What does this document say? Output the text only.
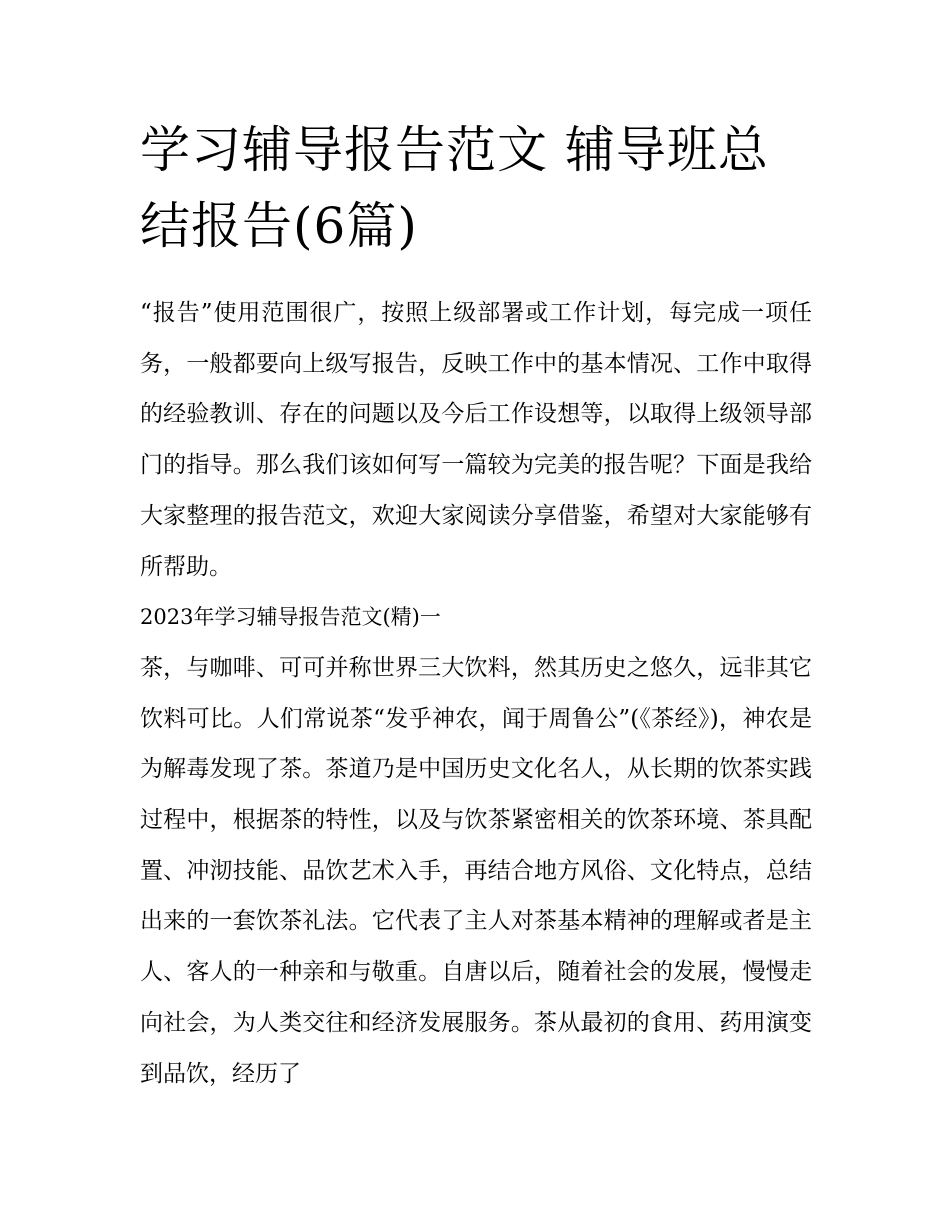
学习辅导报告范文 辅导班总结报告(6篇)

“报告”使用范围很广，按照上级部署或工作计划，每完成一项任务，一般都要向上级写报告，反映工作中的基本情况、工作中取得的经验教训、存在的问题以及今后工作设想等，以取得上级领导部门的指导。那么我们该如何写一篇较为完美的报告呢？下面是我给大家整理的报告范文，欢迎大家阅读分享借鉴，希望对大家能够有所帮助。

2023年学习辅导报告范文(精)一

茶，与咖啡、可可并称世界三大饮料，然其历史之悠久，远非其它饮料可比。人们常说茶“发乎神农，闻于周鲁公”(《茶经》)，神农是为解毒发现了茶。茶道乃是中国历史文化名人，从长期的饮茶实践过程中，根据茶的特性，以及与饮茶紧密相关的饮茶环境、茶具配置、冲沏技能、品饮艺术入手，再结合地方风俗、文化特点，总结出来的一套饮茶礼法。它代表了主人对茶基本精神的理解或者是主人、客人的一种亲和与敬重。自唐以后，随着社会的发展，慢慢走向社会，为人类交往和经济发展服务。茶从最初的食用、药用演变到品饮，经历了
